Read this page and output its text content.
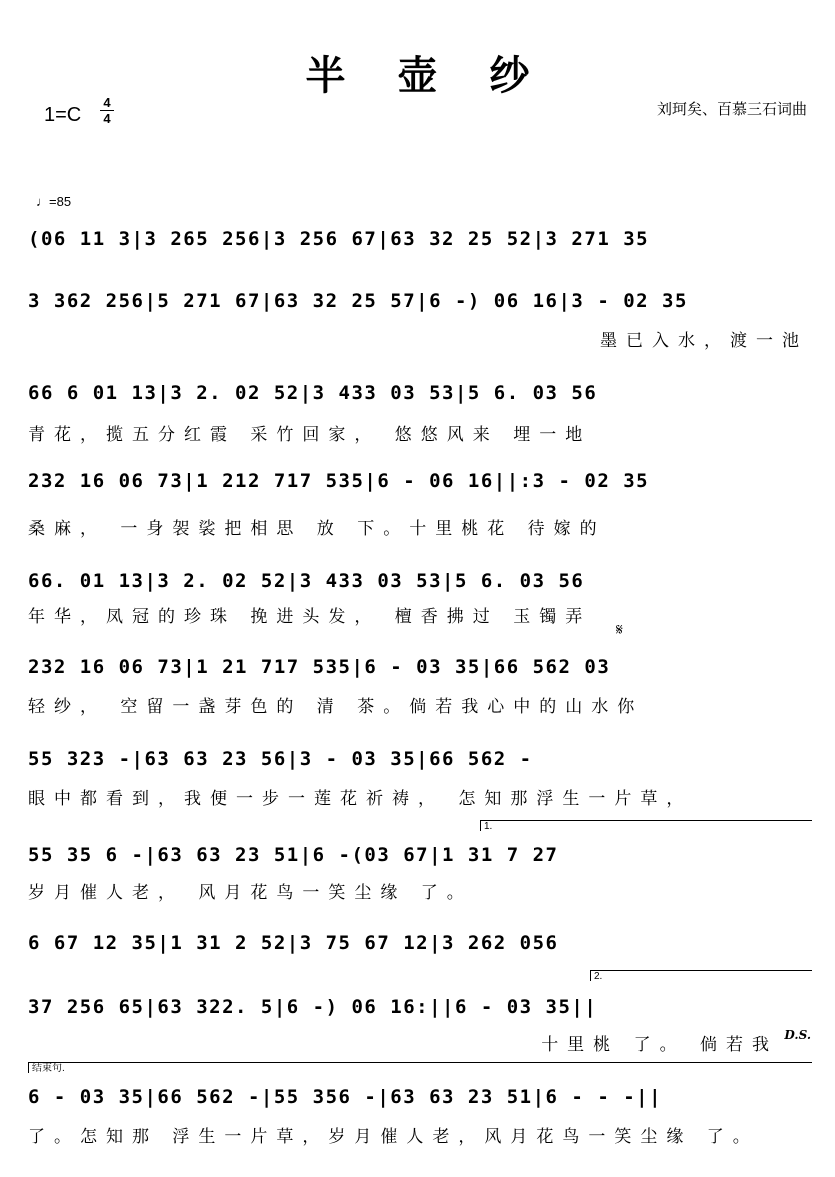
半壶纱
1=C
4
4
刘珂矣、百慕三石词曲
♩=85
(06 11 3|3 265 256|3 256 67|63 32 25 52|3 271 35
3 362 256|5 271 67|63 32 25 57|6 -) 06 16|3 - 02 35
墨已入水，渡一池
66 6 01 13|3 2. 02 52|3 433 03 53|5 6. 03 56
青花，揽五分红霞 采竹回家， 悠悠风来 埋一地
232 16 06 73|1 212 717 535|6 - 06 16||:3 - 02 35
桑麻， 一身袈裟把相思 放 下。十里桃花 待嫁的
66. 01 13|3 2. 02 52|3 433 03 53|5 6. 03 56
年华，凤冠的珍珠 挽进头发， 檀香拂过 玉镯弄
𝄋
232 16 06 73|1 21 717 535|6 - 03 35|66 562 03
轻纱， 空留一盏芽色的 清 茶。倘若我心中的山水你
55 323 -|63 63 23 56|3 - 03 35|66 562 -
眼中都看到，我便一步一莲花祈祷， 怎知那浮生一片草，
1.
55 35 6 -|63 63 23 51|6 -(03 67|1 31 7 27
岁月催人老， 风月花鸟一笑尘缘 了。
6 67 12 35|1 31 2 52|3 75 67 12|3 262 056
2.
37 256 65|63 322. 5|6 -) 06 16:||6 - 03 35||
十里桃 了。 倘若我 D.S.
结束句.
6 - 03 35|66 562 -|55 356 -|63 63 23 51|6 - - -||
了。怎知那 浮生一片草，岁月催人老，风月花鸟一笑尘缘 了。
